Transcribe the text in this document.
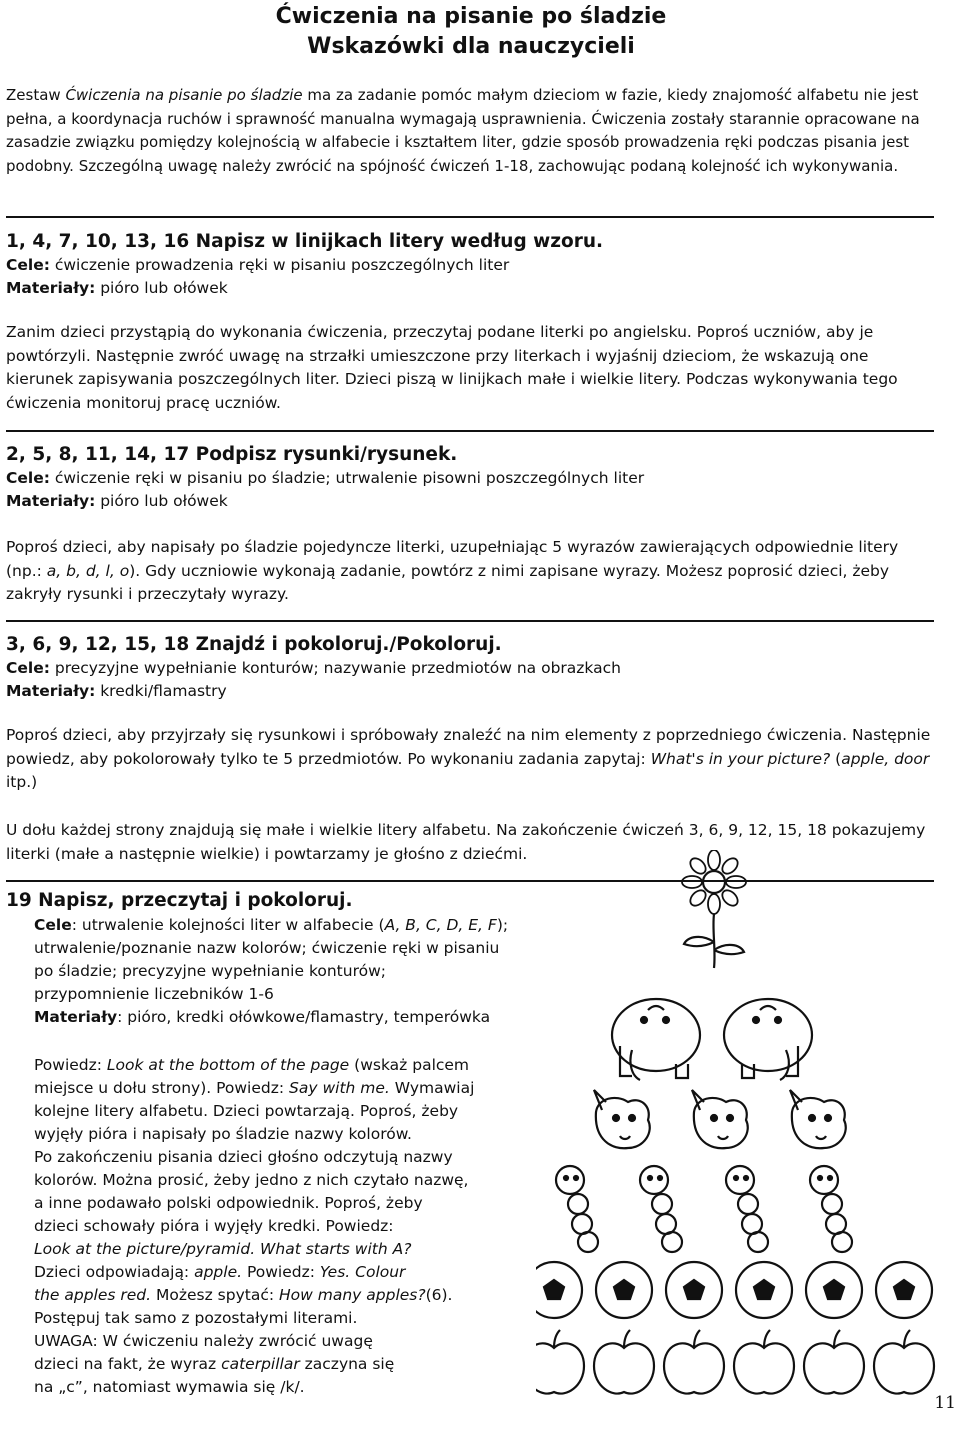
Ćwiczenia na pisanie po śladzie
Wskazówki dla nauczycieli
Zestaw Ćwiczenia na pisanie po śladzie ma za zadanie pomóc małym dzieciom w fazie, kiedy znajomość alfabetu nie jest pełna, a koordynacja ruchów i sprawność manualna wymagają usprawnienia. Ćwiczenia zostały starannie opracowane na zasadzie związku pomiędzy kolejnością w alfabecie i kształtem liter, gdzie sposób prowadzenia ręki podczas pisania jest podobny. Szczególną uwagę należy zwrócić na spójność ćwiczeń 1-18, zachowując podaną kolejność ich wykonywania.
1, 4, 7, 10, 13, 16 Napisz w linijkach litery według wzoru.
Cele: ćwiczenie prowadzenia ręki w pisaniu poszczególnych liter
Materiały: pióro lub ołówek
Zanim dzieci przystąpią do wykonania ćwiczenia, przeczytaj podane literki po angielsku. Poproś uczniów, aby je powtórzyli. Następnie zwróć uwagę na strzałki umieszczone przy literkach i wyjaśnij dzieciom, że wskazują one kierunek zapisywania poszczególnych liter. Dzieci piszą w linijkach małe i wielkie litery. Podczas wykonywania tego ćwiczenia monitoruj pracę uczniów.
2, 5, 8, 11, 14, 17 Podpisz rysunki/rysunek.
Cele: ćwiczenie ręki w pisaniu po śladzie; utrwalenie pisowni poszczególnych liter
Materiały: pióro lub ołówek
Poproś dzieci, aby napisały po śladzie pojedyncze literki, uzupełniając 5 wyrazów zawierających odpowiednie litery (np.: a, b, d, l, o). Gdy uczniowie wykonają zadanie, powtórz z nimi zapisane wyrazy. Możesz poprosić dzieci, żeby zakryły rysunki i przeczytały wyrazy.
3, 6, 9, 12, 15, 18 Znajdź i pokoloruj./Pokoloruj.
Cele: precyzyjne wypełnianie konturów; nazywanie przedmiotów na obrazkach
Materiały: kredki/flamastry
Poproś dzieci, aby przyjrzały się rysunkowi i spróbowały znaleźć na nim elementy z poprzedniego ćwiczenia. Następnie powiedz, aby pokolorowały tylko te 5 przedmiotów. Po wykonaniu zadania zapytaj: What's in your picture? (apple, door itp.)
U dołu każdej strony znajdują się małe i wielkie litery alfabetu. Na zakończenie ćwiczeń 3, 6, 9, 12, 15, 18 pokazujemy literki (małe a następnie wielkie) i powtarzamy je głośno z dziećmi.
19 Napisz, przeczytaj i pokoloruj.
Cele: utrwalenie kolejności liter w alfabecie (A, B, C, D, E, F);
utrwalenie/poznanie nazw kolorów; ćwiczenie ręki w pisaniu
po śladzie; precyzyjne wypełnianie konturów;
przypomnienie liczebników 1-6
Materiały: pióro, kredki ołówkowe/flamastry, temperówka
Powiedz: Look at the bottom of the page (wskaż palcem
miejsce u dołu strony). Powiedz: Say with me. Wymawiaj
kolejne litery alfabetu. Dzieci powtarzają. Poproś, żeby
wyjęły pióra i napisały po śladzie nazwy kolorów.
Po zakończeniu pisania dzieci głośno odczytują nazwy
kolorów. Można prosić, żeby jedno z nich czytało nazwę,
a inne podawało polski odpowiednik. Poproś, żeby
dzieci schowały pióra i wyjęły kredki. Powiedz:
Look at the picture/pyramid. What starts with A?
Dzieci odpowiadają: apple. Powiedz: Yes. Colour
the apples red. Możesz spytać: How many apples?(6).
Postępuj tak samo z pozostałymi literami.
UWAGA: W ćwiczeniu należy zwrócić uwagę
dzieci na fakt, że wyraz caterpillar zaczyna się
na „c”, natomiast wymawia się /k/.
11
